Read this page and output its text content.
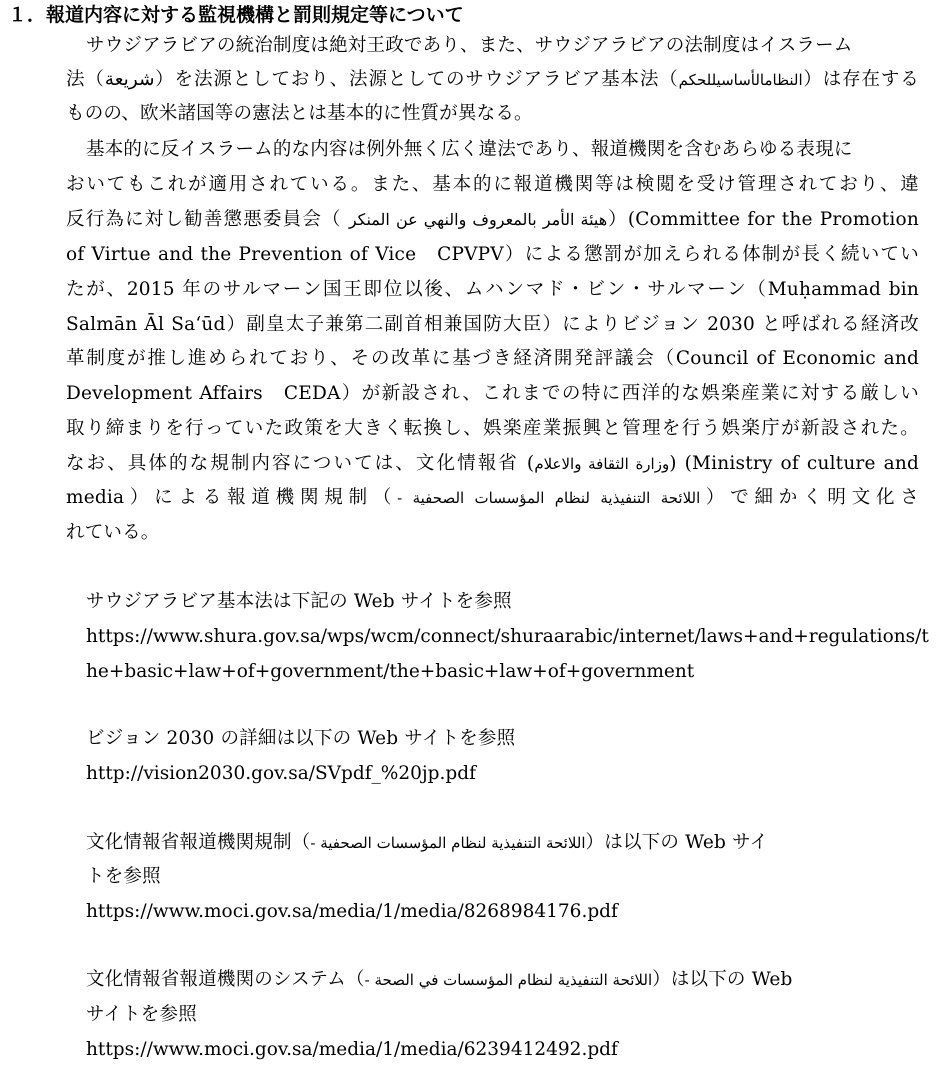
１．報道内容に対する監視機構と罰則規定等について
サウジアラビアの統治制度は絶対王政であり、また、サウジアラビアの法制度はイスラーム
法（شريعة）を法源としており、法源としてのサウジアラビア基本法（النظامالأساسيللحكم）は存在する
ものの、欧米諸国等の憲法とは基本的に性質が異なる。
基本的に反イスラーム的な内容は例外無く広く違法であり、報道機関を含むあらゆる表現に
おいてもこれが適用されている。また、基本的に報道機関等は検閲を受け管理されており、違
反行為に対し勧善懲悪委員会（ هيئة الأمر بالمعروف والنهي عن المنكر）(Committee for the Promotion
of Virtue and the Prevention of Vice　CPVPV）による懲罰が加えられる体制が長く続いてい
たが、2015 年のサルマーン国王即位以後、ムハンマド・ビン・サルマーン（Muḥammad bin
Salmān Āl Sa‘ūd）副皇太子兼第二副首相兼国防大臣）によりビジョン 2030 と呼ばれる経済改
革制度が推し進められており、その改革に基づき経済開発評議会（Council of Economic and
Development Affairs　CEDA）が新設され、これまでの特に西洋的な娯楽産業に対する厳しい
取り締まりを行っていた政策を大きく転換し、娯楽産業振興と管理を行う娯楽庁が新設された。
なお、具体的な規制内容については、文化情報省 (وزارة الثقافة والاعلام) (Ministry of culture and
media）による報道機関規制（اللائحة التنفيذية لنظام المؤسسات الصحفية -）で細かく明文化さ
れている。
サウジアラビア基本法は下記の Web サイトを参照
https://www.shura.gov.sa/wps/wcm/connect/shuraarabic/internet/laws+and+regulations/t
he+basic+law+of+government/the+basic+law+of+government
ビジョン 2030 の詳細は以下の Web サイトを参照
http://vision2030.gov.sa/SVpdf_%20jp.pdf
文化情報省報道機関規制（اللائحة التنفيذية لنظام المؤسسات الصحفية -）は以下の Web サイ
トを参照
https://www.moci.gov.sa/media/1/media/8268984176.pdf
文化情報省報道機関のシステム（اللائحة التنفيذية لنظام المؤسسات في الصحة -）は以下の Web
サイトを参照
https://www.moci.gov.sa/media/1/media/6239412492.pdf
